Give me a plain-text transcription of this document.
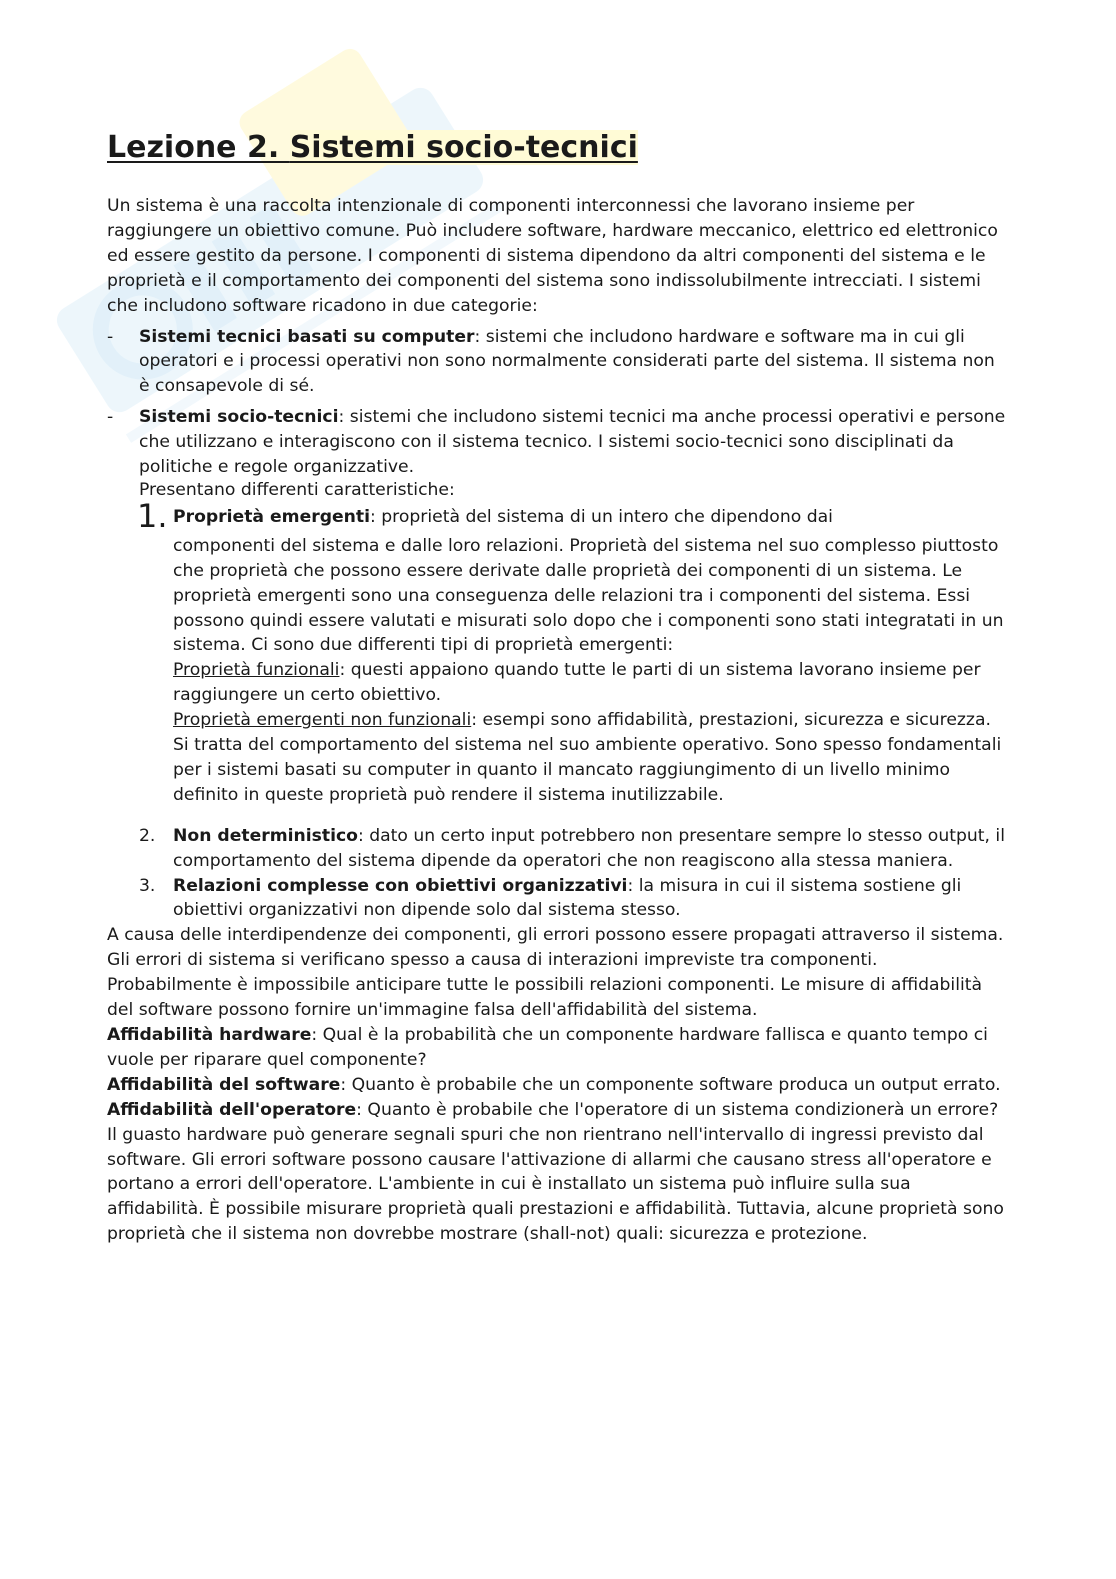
Lezione 2. Sistemi socio-tecnici

Un sistema è una raccolta intenzionale di componenti interconnessi che lavorano insieme per raggiungere un obiettivo comune. Può includere software, hardware meccanico, elettrico ed elettronico ed essere gestito da persone. I componenti di sistema dipendono da altri componenti del sistema e le proprietà e il comportamento dei componenti del sistema sono indissolubilmente intrecciati. I sistemi che includono software ricadono in due categorie:

-	Sistemi tecnici basati su computer: sistemi che includono hardware e software ma in cui gli operatori e i processi operativi non sono normalmente considerati parte del sistema. Il sistema non è consapevole di sé.
-	Sistemi socio-tecnici: sistemi che includono sistemi tecnici ma anche processi operativi e persone che utilizzano e interagiscono con il sistema tecnico. I sistemi socio-tecnici sono disciplinati da politiche e regole organizzative.

Presentano differenti caratteristiche:

1. Proprietà emergenti: proprietà del sistema di un intero che dipendono dai
componenti del sistema e dalle loro relazioni. Proprietà del sistema nel suo complesso piuttosto che proprietà che possono essere derivate dalle proprietà dei componenti di un sistema. Le proprietà emergenti sono una conseguenza delle relazioni tra i componenti del sistema. Essi possono quindi essere valutati e misurati solo dopo che i componenti sono stati integratati in un sistema. Ci sono due differenti tipi di proprietà emergenti:
Proprietà funzionali: questi appaiono quando tutte le parti di un sistema lavorano insieme per raggiungere un certo obiettivo.
Proprietà emergenti non funzionali: esempi sono affidabilità, prestazioni, sicurezza e sicurezza. Si tratta del comportamento del sistema nel suo ambiente operativo. Sono spesso fondamentali per i sistemi basati su computer in quanto il mancato raggiungimento di un livello minimo definito in queste proprietà può rendere il sistema inutilizzabile.
2. Non deterministico: dato un certo input potrebbero non presentare sempre lo stesso output, il comportamento del sistema dipende da operatori che non reagiscono alla stessa maniera.
3. Relazioni complesse con obiettivi organizzativi: la misura in cui il sistema sostiene gli obiettivi organizzativi non dipende solo dal sistema stesso.

A causa delle interdipendenze dei componenti, gli errori possono essere propagati attraverso il sistema. Gli errori di sistema si verificano spesso a causa di interazioni impreviste tra componenti. Probabilmente è impossibile anticipare tutte le possibili relazioni componenti. Le misure di affidabilità del software possono fornire un'immagine falsa dell'affidabilità del sistema.

Affidabilità hardware: Qual è la probabilità che un componente hardware fallisca e quanto tempo ci vuole per riparare quel componente?

Affidabilità del software: Quanto è probabile che un componente software produca un output errato.

Affidabilità dell'operatore: Quanto è probabile che l'operatore di un sistema condizionerà un errore?

Il guasto hardware può generare segnali spuri che non rientrano nell'intervallo di ingressi previsto dal software. Gli errori software possono causare l'attivazione di allarmi che causano stress all'operatore e portano a errori dell'operatore. L'ambiente in cui è installato un sistema può influire sulla sua affidabilità. È possibile misurare proprietà quali prestazioni e affidabilità. Tuttavia, alcune proprietà sono proprietà che il sistema non dovrebbe mostrare (shall-not) quali: sicurezza e protezione.
